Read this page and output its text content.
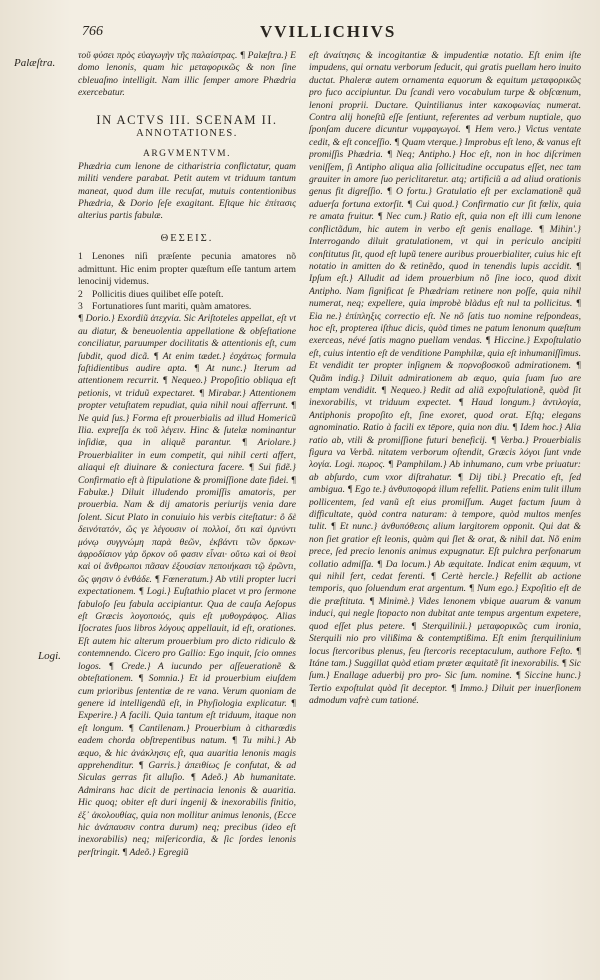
766	VVILLICHIVS
Palæſtra.
Logi.

τοῦ φύσει πρὸς εὐαγωγὴν τῆς παλαίστρας. ¶ Palæſtra.} E domo lenonis, quam hic μεταφορικῶς & non ſine cbleuaſmo intelligit. Nam illic ſemper amore Phædria exercebatur.

IN ACTVS III. SCENAM II.

ANNOTATIONES.

ARGVMENTVM.

Phædria cum lenone de citharistria conflictatur, quam militi vendere parabat. Petit autem vt triduum tantum maneat, quod dum ille recuſat, mutuis contentionibus Phædria, & Dorio ſeſe exagitant. Eſtque hic ἐπίτασις alterius partis fabulæ.

ΘΕΣΕΙΣ.

1 Lenones niſi præſente pecunia amatores nõ admittunt. Hic enim propter quæſtum eſſe tantum artem lenocinij videmus.
2 Pollicitis diues quilibet eſſe poteſt.
3 Fortunatiores ſunt mariti, quàm amatores.

¶ Dorio.} Exordiũ ἀτεχνία. Sic Ariſtoteles appellat, eſt vt au diatur, & beneuolentia appellatione & obſeſtatione conciliatur, paruumper docilitatis & attentionis eſt, cum ſubdit, quod dicã. ¶ At enim tædet.} ἐσχάτως formula faſtidientibus audire apta. ¶ At nunc.} Iterum ad attentionem recurrit. ¶ Nequeo.} Propoſitio obliqua eſt petionis, vt triduũ expectaret. ¶ Mirabar.} Attentionem propter vetuſtatem repudiat, quia nihil noui afferrunt. ¶ Ne quid ſus.} Forma eſt prouerbialis ad illud Homericũ Ilia. expreſſa ἐκ τοῦ λέγειν. Hinc & ſutelæ nominantur inſidiæ, qua in aliquẽ parantur. ¶ Ariolare.} Prouerbialiter in eum competit, qui nihil certi affert, aliaqui eſt diuinare & coniectura facere. ¶ Sui fidẽ.} Confirmatio eſt à ſtipulatione & promiſſione date fidei. ¶ Fabulæ.} Diluit illudendo promiſſis amatoris, per prouerbia. Nam & dij amatoris periurijs venia dare ſolent. Sicut Plato in conuiuio his verbis citeſtatur: ὃ δὲ δεινότατόν, ὥς γε λέγουσιν οἱ πολλοί, ὅτι καὶ ὀμνύντι μόνῳ συγγνώμη παρὰ θεῶν, ἐκβάντι τῶν ὅρκων· ἀφροδίσιον γὰρ ὅρκον οὔ φασιν εἶναι· οὕτω καὶ οἱ θεοὶ καὶ οἱ ἄνθρωποι πᾶσαν ἐξουσίαν πεποιήκασι τῷ ἐρῶντι, ὥς φησιν ὁ ἐνθάδε. ¶ Fœneratum.} Ab vtili propter lucri expectationem. ¶ Logi.} Euſtathio placet vt pro ſermone fabuloſo ſeu fabula accipiantur. Qua de cauſa Aeſopus eſt Græcis λογοποιός, quis eſt μυθογράφος. Alias Iſocrates ſuos libros λόγους appellauit, id eſt, orationes. Eſt autem hic alterum prouerbium pro dicto ridiculo & contemnendo. Cicero pro Gallio: Ego inquit, ſcio omnes logos. ¶ Crede.} A iucundo per aſſeuerationẽ & obteſtationem. ¶ Somnia.} Et id prouerbium eiuſdem cum prioribus ſententiæ de re vana. Verum quoniam de genere id intelligendũ eſt, in Phyſiologia explicatur. ¶ Experire.} A facili. Quia tantum eſt triduum, itaque non eſt longum. ¶ Cantilenam.} Prouerbium à citharœdis eadem chorda obſtrepentibus natum. ¶ Tu mihi.} Ab æquo, & hic ἀνάκλησις eſt, qua auaritia lenonis magis apprehenditur. ¶ Garris.} ἀπειθίως ſe confutat, & ad Siculas gerras fit alluſio. ¶ Adeõ.} Ab humanitate. Admirans hac dicit de pertinacia lenonis & auaritia. Hic quoq; obiter eſt duri ingenij & inexorabilis finitio, ἐξ᾽ ἀκολουθίας, quia non mollitur animus lenonis, (Ecce hic ἀνάπαυσιν contra durum) neq; precibus (ideo eſt inexorabilis) neq; miſericordia, & ſic ſordes lenonis perſtringit. ¶ Adeõ.} Egregiũ

eſt ἀναίτησις & incogitantiæ & impudentiæ notatio. Eſt enim iſte impudens, qui ornatu verborum ſeducit, qui gratis puellam hero inuito ductat. Phaleræ autem ornamenta equorum & equitum μεταφορικῶς pro fuco accipiuntur. Du ſcandi vero vocabulum turpe & obſcœnum, lenoni proprii. Ductare. Quintilianus inter κακοφωνίας numerat. Contra alij honeſtũ eſſe ſentiunt, referentes ad verbum nuptiale, quo ſponſam ducere dicuntur νυμφαγωγοί. ¶ Hem vero.} Victus ventate cedit, & eſt conceſſio. ¶ Quam vterque.} Improbus eſt leno, & vanus eſt promiſſis Phædria. ¶ Neq; Antipho.} Hoc eſt, non in hoc diſcrimen veniſſem, ſi Antipho aliqua alia ſollicitudine occupatus eſſet, nec tam grauiter in amore ſuo periclitaretur. atq; artificiũ a ad aliud orationis genus fit digreſſio. ¶ O fortu.} Gratulatio eſt per exclamationẽ quã aduerſa fortuna extorſit. ¶ Cui quod.} Confirmatio cur ſit fœlix, quia re amata fruitur. ¶ Nec cum.} Ratio eſt, quia non eſt illi cum lenone conflictãdum, hic autem in verbo eſt genis enallage. ¶ Mihin'.} Interrogando diluit gratulationem, vt qui in periculo ancipiti conſtitutus ſit, quod eſt lupũ tenere auribus prouerbialiter, cuius hic eſt notatio in amitten do & retinẽdo, quod in tenendis lupis accidit. ¶ Ipſum eſt.} Alludit ad idem prouerbium nõ ſine ioco, quod dixit Antipho. Nam ſignificat ſe Phædriam retinere non poſſe, quia nihil numerat, neq; expellere, quia improbè blàdus eſt nul ta pollicitus. ¶ Eia ne.} ἐπίπληξις correctio eſt. Ne nõ ſatis tuo nomine reſpondeas, hoc eſt, propterea iſthuc dicis, quòd times ne patum lenonum quæſtum exerceas, névé ſatis magno puellam vendas. ¶ Hiccine.} Expoſtulatio eſt, cuius intentio eſt de venditione Pamphilæ, quia eſt inhumaniſſimus. Et vendidit ter propter inſignem & πορνοβοσκοῦ admirationem. ¶ Quãm indig.} Diluit admirationem ab æquo, quia ſuam ſuo are emptam vendidit. ¶ Nequeo.} Redit ad aliã expoſtulationẽ, quòd ſit inexorabilis, vt triduum expectet. ¶ Haud longum.} ἀντιλογία, Antiphonis propoſito eſt, ſine exoret, quod orat. Eſtq; elegans agnominatio. Ratio à facili ex tēpore, quia non diu. ¶ Idem hoc.} Alia ratio ab, vtili & promiſſione futuri beneficij. ¶ Verba.} Prouerbialis figura va Verbã. nitatem verborum oſtendit, Græcis λόγοι ſunt vnde λογία. Logi. πωρος. ¶ Pamphilam.} Ab inhumano, cum vrbe priuatur: ab abſurdo, cum vxor diſtrahatur. ¶ Dij tibi.} Precatio eſt, ſed ambigua. ¶ Ego te.} ἀνθυποφορά illum refellit. Patiens enim tulit illum pollicentem, ſed vanũ eſt eius promiſſum. Auget factum ſuum à difficultate, quòd contra naturam: à tempore, quòd multos menſes tulit. ¶ Et nunc.} ἀνθυπόθεσις alium largitorem opponit. Qui dat & non ſiet gratior eſt leonis, quàm qui ſlet & orat, & nihil dat. Nõ enim prece, ſed precio lenonis animus expugnatur. Eſt pulchra perſonarum collatio admiſſa. ¶ Da locum.} Ab æquitate. Indicat enim æquum, vt qui nihil fert, cedat ferenti. ¶ Certè hercle.} Refellit ab actione temporis, quo ſoluendum erat argentum. ¶ Num ego.} Expoſitio eſt de die præſtituta. ¶ Minimè.} Vides lenonem vbique auarum & vanum induci, qui negle ſtopacto non dubitat ante tempus argentum expetere, quod eſſet plus petere. ¶ Sterquilinii.} μεταφορικῶς cum ironia, Sterquili nio pro vilißima & contemptißima. Eſt enim ſterquilinium locus ſtercoribus plenus, ſeu ſtercoris receptaculum, authore Feſto. ¶ Itáne tam.} Suggillat quòd etiam præter æquitatẽ ſit inexorabilis. ¶ Sic ſum.} Enallage aduerbij pro pro- Sic ſum. nomine. ¶ Siccine hunc.} Tertio expoſtulat quòd ſit deceptor. ¶ Immo.} Diluit per inuerſionem admodum vafrè cum tationé.
